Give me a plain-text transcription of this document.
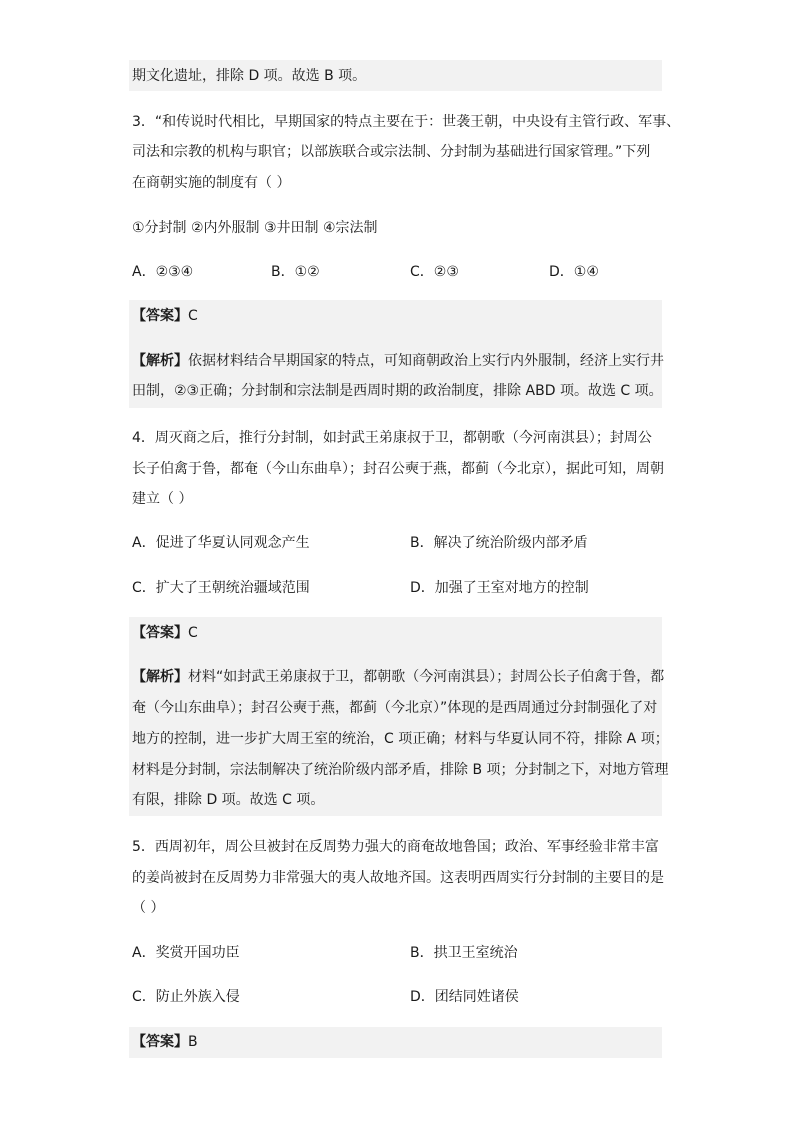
期文化遗址，排除 D 项。故选 B 项。
3．“和传说时代相比，早期国家的特点主要在于：世袭王朝，中央设有主管行政、军事、
司法和宗教的机构与职官；以部族联合或宗法制、分封制为基础进行国家管理。”下列
在商朝实施的制度有（ ）
①分封制 ②内外服制 ③井田制 ④宗法制
A．②③④	B．①②	C．②③	D．①④
【答案】C
【解析】依据材料结合早期国家的特点，可知商朝政治上实行内外服制，经济上实行井
田制，②③正确；分封制和宗法制是西周时期的政治制度，排除 ABD 项。故选 C 项。
4．周灭商之后，推行分封制，如封武王弟康叔于卫，都朝歌（今河南淇县）；封周公
长子伯禽于鲁，都奄（今山东曲阜）；封召公奭于燕，都蓟（今北京），据此可知，周朝
建立（ ）
A．促进了华夏认同观念产生	B．解决了统治阶级内部矛盾
C．扩大了王朝统治疆域范围	D．加强了王室对地方的控制
【答案】C
【解析】材料“如封武王弟康叔于卫，都朝歌（今河南淇县）；封周公长子伯禽于鲁，都
奄（今山东曲阜）；封召公奭于燕，都蓟（今北京）”体现的是西周通过分封制强化了对
地方的控制，进一步扩大周王室的统治，C 项正确；材料与华夏认同不符，排除 A 项；
材料是分封制，宗法制解决了统治阶级内部矛盾，排除 B 项；分封制之下，对地方管理
有限，排除 D 项。故选 C 项。
5．西周初年，周公旦被封在反周势力强大的商奄故地鲁国；政治、军事经验非常丰富
的姜尚被封在反周势力非常强大的夷人故地齐国。这表明西周实行分封制的主要目的是
（ ）
A．奖赏开国功臣	B．拱卫王室统治
C．防止外族入侵	D．团结同姓诸侯
【答案】B
